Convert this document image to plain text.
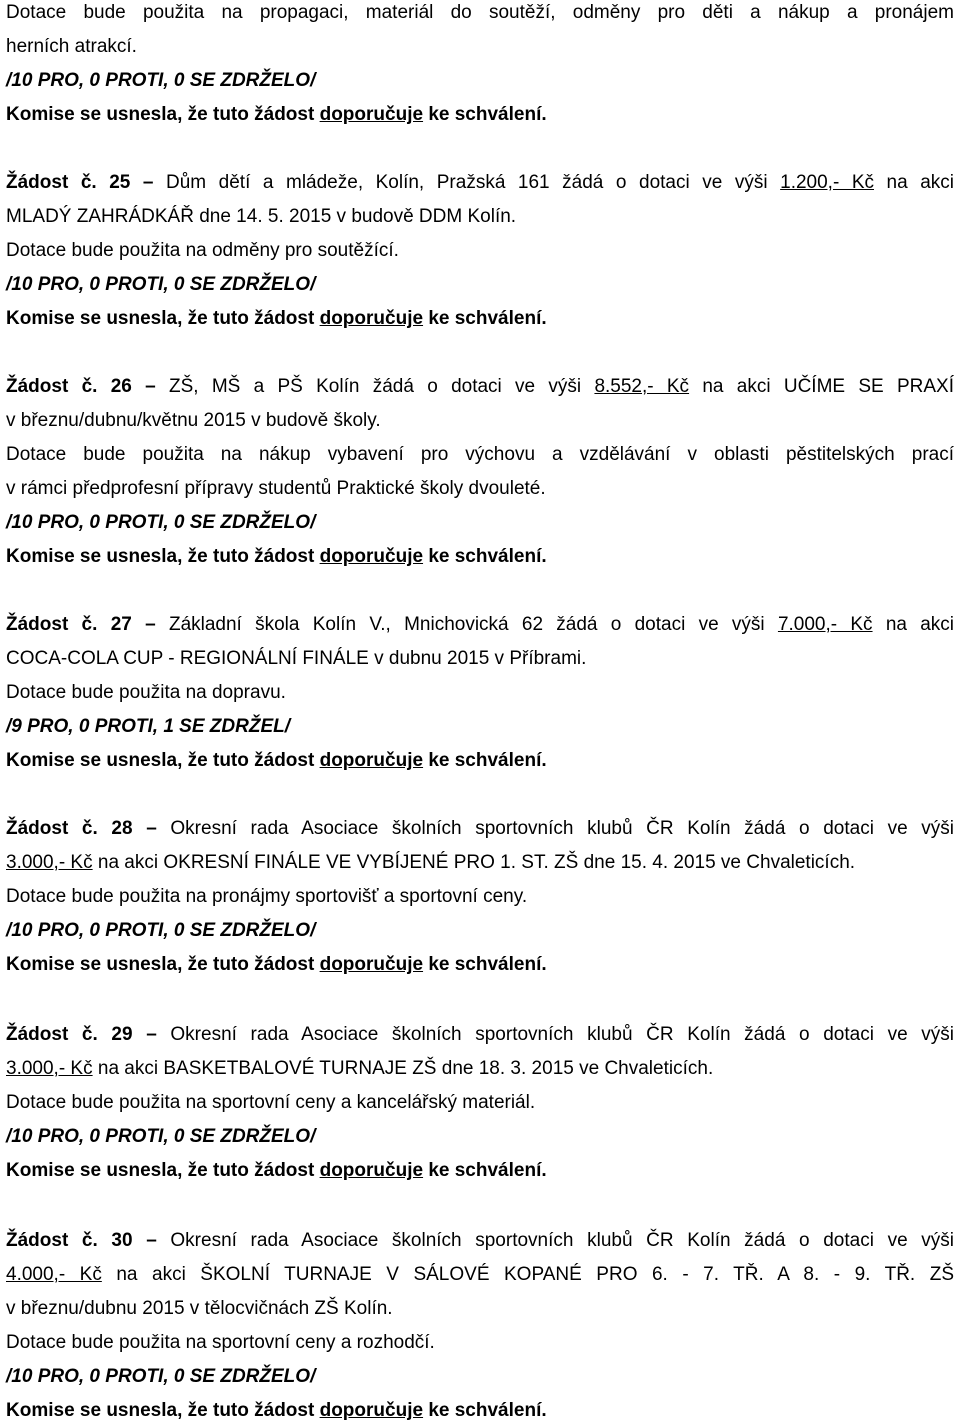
Dotace bude použita na propagaci, materiál do soutěží, odměny pro děti a nákup a pronájem
herních atrakcí.
/10 PRO, 0 PROTI, 0 SE ZDRŽELO/
Komise se usnesla, že tuto žádost doporučuje ke schválení.
Žádost č. 25 – Dům dětí a mládeže, Kolín, Pražská 161 žádá o dotaci ve výši 1.200,- Kč na akci
MLADÝ ZAHRÁDKÁŘ dne 14. 5. 2015 v budově DDM Kolín.
Dotace bude použita na odměny pro soutěžící.
/10 PRO, 0 PROTI, 0 SE ZDRŽELO/
Komise se usnesla, že tuto žádost doporučuje ke schválení.
Žádost č. 26 – ZŠ, MŠ a PŠ Kolín žádá o dotaci ve výši 8.552,- Kč na akci UČÍME SE PRAXÍ
v březnu/dubnu/květnu 2015 v budově školy.
Dotace bude použita na nákup vybavení pro výchovu a vzdělávání v oblasti pěstitelských prací
v rámci předprofesní přípravy studentů Praktické školy dvouleté.
/10 PRO, 0 PROTI, 0 SE ZDRŽELO/
Komise se usnesla, že tuto žádost doporučuje ke schválení.
Žádost č. 27 – Základní škola Kolín V., Mnichovická 62 žádá o dotaci ve výši 7.000,- Kč na akci
COCA-COLA CUP - REGIONÁLNÍ FINÁLE v dubnu 2015 v Příbrami.
Dotace bude použita na dopravu.
/9 PRO, 0 PROTI, 1 SE ZDRŽEL/
Komise se usnesla, že tuto žádost doporučuje ke schválení.
Žádost č. 28 – Okresní rada Asociace školních sportovních klubů ČR Kolín žádá o dotaci ve výši
3.000,- Kč na akci OKRESNÍ FINÁLE VE VYBÍJENÉ PRO 1. ST. ZŠ dne 15. 4. 2015 ve Chvaleticích.
Dotace bude použita na pronájmy sportovišť a sportovní ceny.
/10 PRO, 0 PROTI, 0 SE ZDRŽELO/
Komise se usnesla, že tuto žádost doporučuje ke schválení.
Žádost č. 29 – Okresní rada Asociace školních sportovních klubů ČR Kolín žádá o dotaci ve výši
3.000,- Kč na akci BASKETBALOVÉ TURNAJE ZŠ dne 18. 3. 2015 ve Chvaleticích.
Dotace bude použita na sportovní ceny a kancelářský materiál.
/10 PRO, 0 PROTI, 0 SE ZDRŽELO/
Komise se usnesla, že tuto žádost doporučuje ke schválení.
Žádost č. 30 – Okresní rada Asociace školních sportovních klubů ČR Kolín žádá o dotaci ve výši
4.000,- Kč na akci ŠKOLNÍ TURNAJE V SÁLOVÉ KOPANÉ PRO 6. - 7. TŘ. A 8. - 9. TŘ. ZŠ
v březnu/dubnu 2015 v tělocvičnách ZŠ Kolín.
Dotace bude použita na sportovní ceny a rozhodčí.
/10 PRO, 0 PROTI, 0 SE ZDRŽELO/
Komise se usnesla, že tuto žádost doporučuje ke schválení.
